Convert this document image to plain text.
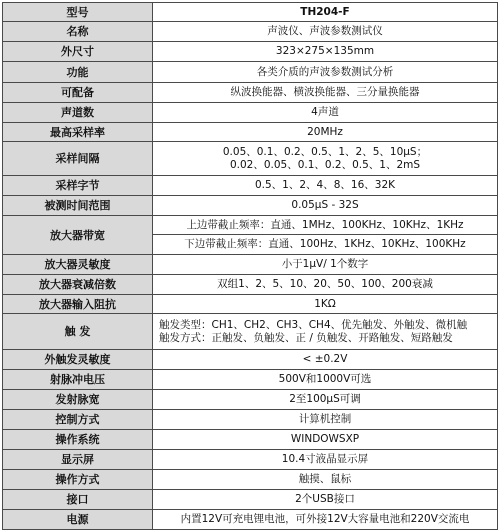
型号	TH204-F

名称	声波仪、声波参数测试仪

外尺寸	323×275×135mm

功能	各类介质的声波参数测试分析

可配备	纵波换能器、横波换能器、三分量换能器

声道数	4声道

最高采样率	20MHz

采样间隔	0.05、0.1、0.2、0.5、1、2、5、10μS；
0.02、0.05、0.1、0.2、0.5、1、2mS

采样字节	0.5、1、2、4、8、16、32K

被测时间范围	0.05μS - 32S

放大器带宽	上边带截止频率：直通、1MHz、100KHz、10KHz、1KHz
下边带截止频率：直通、100Hz、1KHz、10KHz、100KHz

放大器灵敏度	小于1μV/ 1个数字

放大器衰减倍数	双组1、2、5、10、20、50、100、200衰减

放大器输入阻抗	1KΩ

触 发	触发类型：CH1、CH2、CH3、CH4、优先触发、外触发、微机触
触发方式：正触发、负触发、正 / 负触发、开路触发、短路触发

外触发灵敏度	< ±0.2V

射脉冲电压	500V和1000V可选

发射脉宽	2至100μS可调

控制方式	计算机控制

操作系统	WINDOWSXP

显示屏	10.4寸液晶显示屏

操作方式	触摸、鼠标

接口	2个USB接口

电源	内置12V可充电锂电池，可外接12V大容量电池和220V交流电
